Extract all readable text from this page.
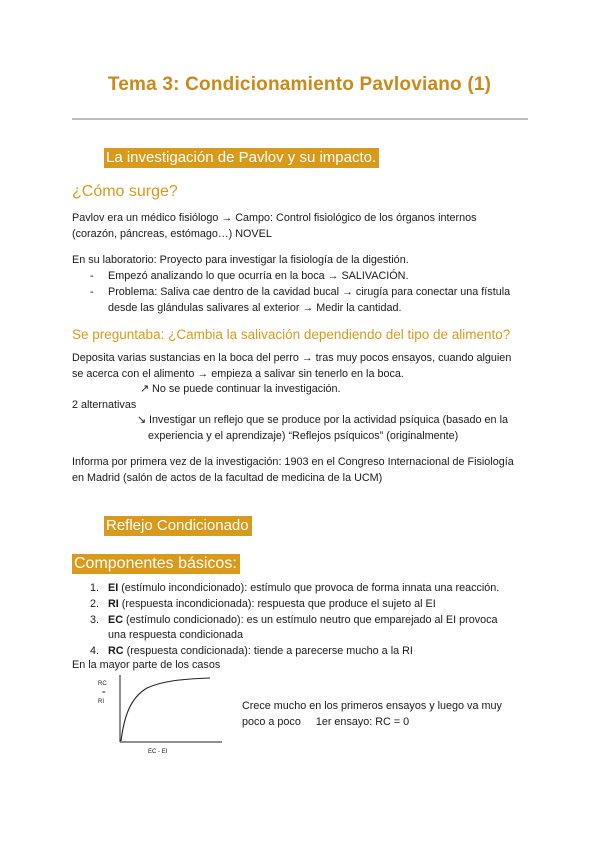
Tema 3: Condicionamiento Pavloviano (1)
La investigación de Pavlov y su impacto.
¿Cómo surge?
Pavlov era un médico fisiólogo → Campo: Control fisiológico de los órganos internos
(corazón, páncreas, estómago…) NOVEL
En su laboratorio: Proyecto para investigar la fisiología de la digestión.
- Empezó analizando lo que ocurría en la boca → SALIVACIÓN.
- Problema: Saliva cae dentro de la cavidad bucal → cirugía para conectar una fístula
desde las glándulas salivares al exterior → Medir la cantidad.
Se preguntaba: ¿Cambia la salivación dependiendo del tipo de alimento?
Deposita varias sustancias en la boca del perro → tras muy pocos ensayos, cuando alguien
se acerca con el alimento → empieza a salivar sin tenerlo en la boca.
↗ No se puede continuar la investigación.
2 alternativas
↘ Investigar un reflejo que se produce por la actividad psíquica (basado en la
experiencia y el aprendizaje) “Reflejos psíquicos” (originalmente)
Informa por primera vez de la investigación: 1903 en el Congreso Internacional de Fisiología
en Madrid (salón de actos de la facultad de medicina de la UCM)
Reflejo Condicionado
Componentes básicos:
1. EI (estímulo incondicionado): estímulo que provoca de forma innata una reacción.
2. RI (respuesta incondicionada): respuesta que produce el sujeto al EI
3. EC (estímulo condicionado): es un estímulo neutro que emparejado al EI provoca
una respuesta condicionada
4. RC (respuesta condicionada): tiende a parecerse mucho a la RI
En la mayor parte de los casos
RC
=
RI
EC - EI
Crece mucho en los primeros ensayos y luego va muy
poco a poco     1er ensayo: RC = 0
